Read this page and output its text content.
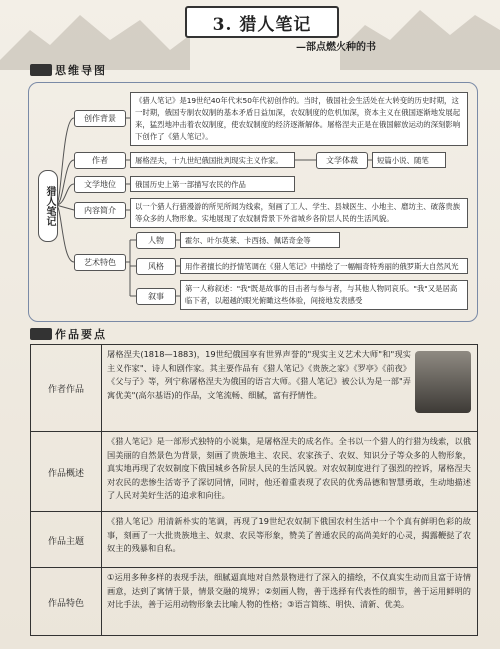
3. 猎人笔记
—部点燃火种的书
思维导图
猎人笔记
创作背景
作者
文学地位
内容简介
艺术特色
文学体裁
人物
风格
叙事
《猎人笔记》是19世纪40年代末50年代初创作的。当时，俄国社会生活处在大转变的历史时期，这一时期，俄国专制农奴制的基本矛盾日益加深，农奴制度的危机加深，资本主义在俄国逐渐地发展起来，猛烈地冲击着农奴制度，使农奴制度的经济逐渐解体。屠格涅夫正是在俄国解放运动的深刻影响下创作了《猎人笔记》。
屠格涅夫，十九世纪俄国批判现实主义作家。	短篇小说、随笔
俄国历史上第一部描写农民的作品
以一个猎人行猎漫游的所见所闻为线索，刻画了工人、学生、县城医生、小地主、磨坊主、破落贵族等众多的人物形象。实地展现了农奴制背景下外省城乡各阶层人民的生活风貌。
霍尔、叶尔莫莱、卡西扬、佩诺奇金等
用作者擅长的抒情笔调在《猎人笔记》中描绘了一幅幅奇特秀丽的俄罗斯大自然风光
第一人称叙述："我"既是故事的目击者与参与者，与其他人物同哀乐。"我"又是居高临下者，以超越的眼光俯瞰这些体验，间接地发表感受
作品要点
作者作品
屠格涅夫(1818—1883)，19世纪俄国享有世界声誉的"现实主义艺术大师"和"现实主义作家"、诗人和剧作家。其主要作品有《猎人笔记》《贵族之家》《罗亭》《前夜》《父与子》等，列宁称屠格涅夫为俄国的语言大师。《猎人笔记》被公认为是一部"弄寓优美"(高尔基语)的作品，文笔流畅、细腻，富有抒情性。
作品概述
《猎人笔记》是一部形式独特的小说集，是屠格涅夫的成名作。全书以一个猎人的行猎为线索，以俄国美丽的自然景色为背景，刻画了贵族地主、农民、农家孩子、农奴、知识分子等众多的人物形象，真实地再现了农奴制度下俄国城乡各阶层人民的生活风貌。对农奴制度进行了强烈的控诉，屠格涅夫对农民的悲惨生活寄予了深切同情，同时，他还着重表现了农民的优秀品德和智慧勇敢，生动地描述了人民对美好生活的追求和向往。
作品主题
《猎人笔记》用清新朴实的笔调，再现了19世纪农奴制下俄国农村生活中一个个真有鲜明色彩的故事，刻画了一大批贵族地主、奴隶、农民等形象，赞美了普通农民的高尚美好的心灵，揭露鞭挞了农奴主的残暴和自私。
作品特色
①运用多种多样的表现手法，细腻逼真地对自然景物进行了深入的描绘，不仅真实生动而且富于诗情画意，达到了寓情于景，情景交融的境界；②刻画人物，善于选择有代表性的细节，善于运用鲜明的对比手法，善于运用动物形象去比喻人物的性格；③语言简练、明快、清新、优美。
